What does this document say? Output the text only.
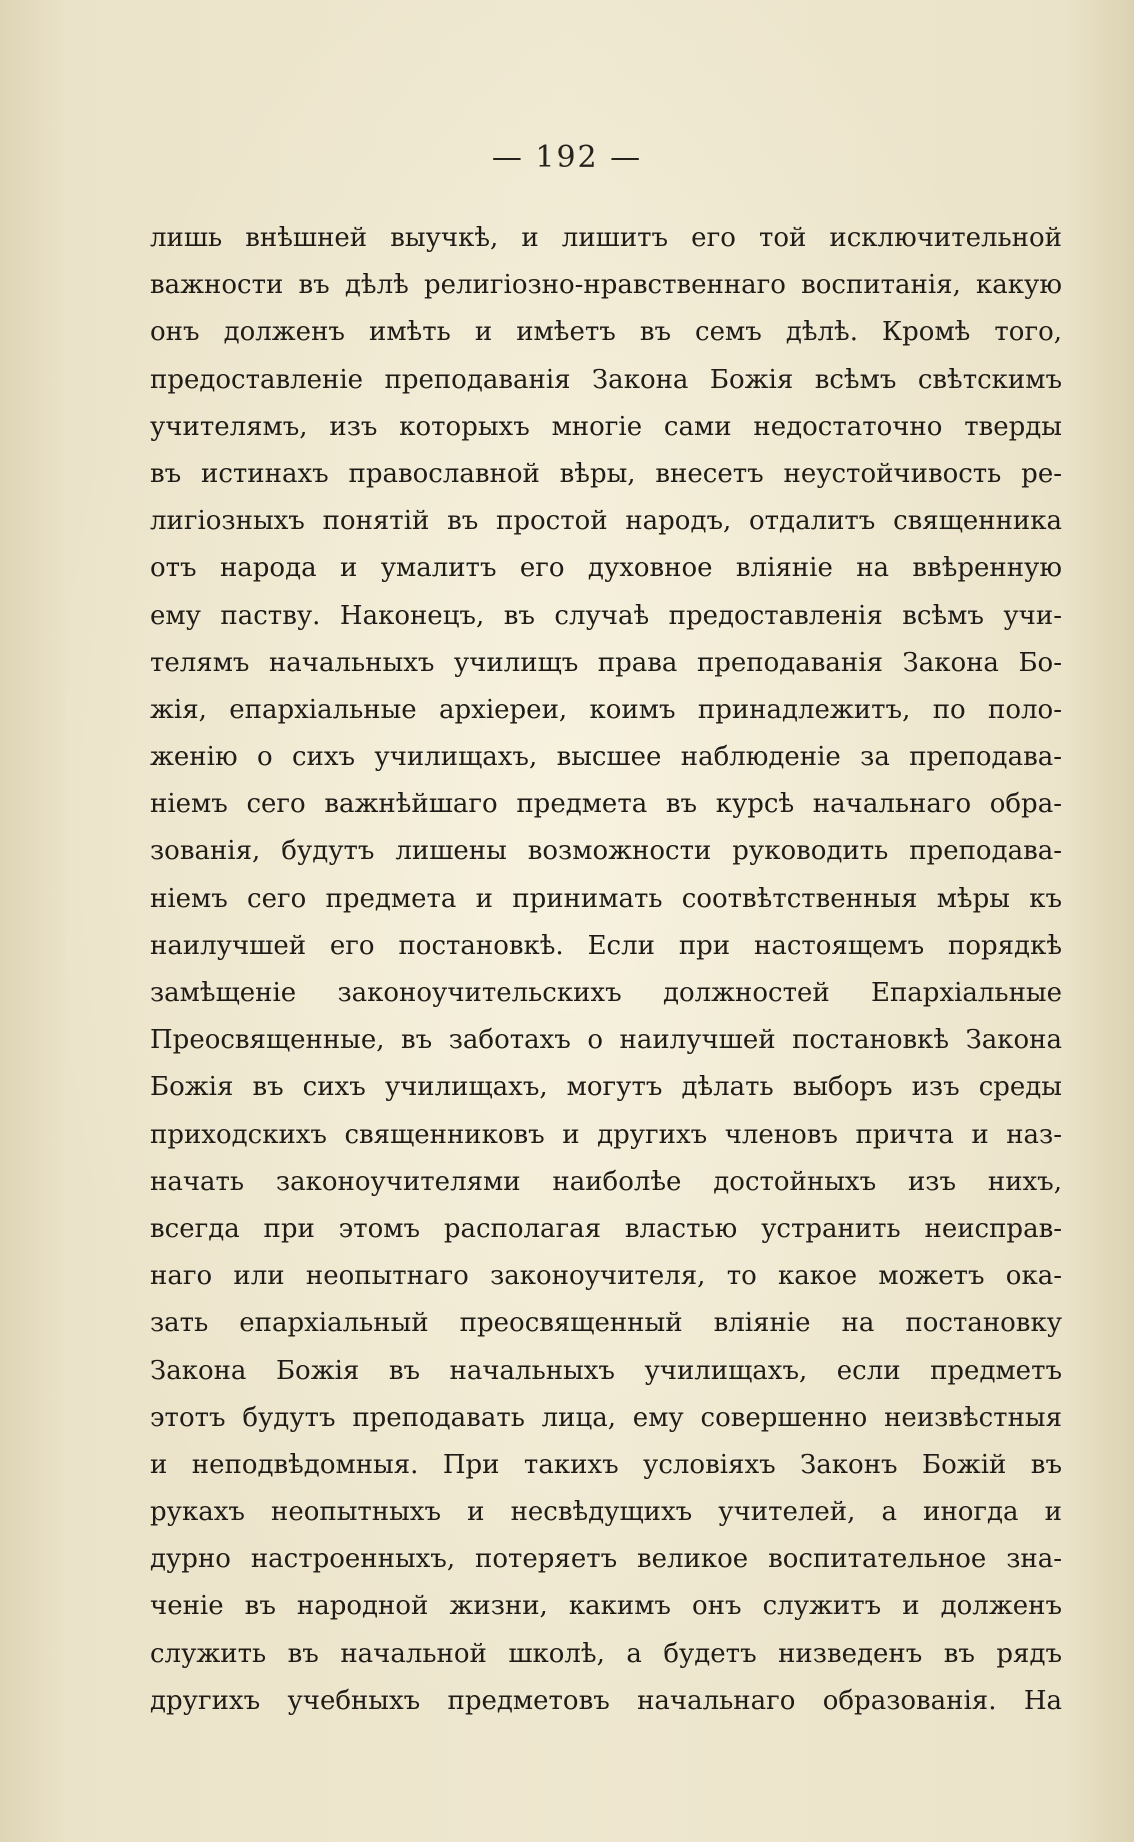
— 192 —
лишь внѣшней выучкѣ, и лишитъ его той исключительной
важности въ дѣлѣ религіозно-нравственнаго воспитанія, какую
онъ долженъ имѣть и имѣетъ въ семъ дѣлѣ. Кромѣ того,
предоставленіе преподаванія Закона Божія всѣмъ свѣтскимъ
учителямъ, изъ которыхъ многіе сами недостаточно тверды
въ истинахъ православной вѣры, внесетъ неустойчивость ре-
лигіозныхъ понятій въ простой народъ, отдалитъ священника
отъ народа и умалитъ его духовное вліяніе на ввѣренную
ему паству. Наконецъ, въ случаѣ предоставленія всѣмъ учи-
телямъ начальныхъ училищъ права преподаванія Закона Бо-
жія, епархіальные архіереи, коимъ принадлежитъ, по поло-
женію о сихъ училищахъ, высшее наблюденіе за преподава-
ніемъ сего важнѣйшаго предмета въ курсѣ начальнаго обра-
зованія, будутъ лишены возможности руководить преподава-
ніемъ сего предмета и принимать соотвѣтственныя мѣры къ
наилучшей его постановкѣ. Если при настоящемъ порядкѣ
замѣщеніе законоучительскихъ должностей Епархіальные
Преосвященные, въ заботахъ о наилучшей постановкѣ Закона
Божія въ сихъ училищахъ, могутъ дѣлать выборъ изъ среды
приходскихъ священниковъ и другихъ членовъ причта и наз-
начать законоучителями наиболѣе достойныхъ изъ нихъ,
всегда при этомъ располагая властью устранить неисправ-
наго или неопытнаго законоучителя, то какое можетъ ока-
зать епархіальный преосвященный вліяніе на постановку
Закона Божія въ начальныхъ училищахъ, если предметъ
этотъ будутъ преподавать лица, ему совершенно неизвѣстныя
и неподвѣдомныя. При такихъ условіяхъ Законъ Божій въ
рукахъ неопытныхъ и несвѣдущихъ учителей, а иногда и
дурно настроенныхъ, потеряетъ великое воспитательное зна-
ченіе въ народной жизни, какимъ онъ служитъ и долженъ
служить въ начальной школѣ, а будетъ низведенъ въ рядъ
другихъ учебныхъ предметовъ начальнаго образованія. На
